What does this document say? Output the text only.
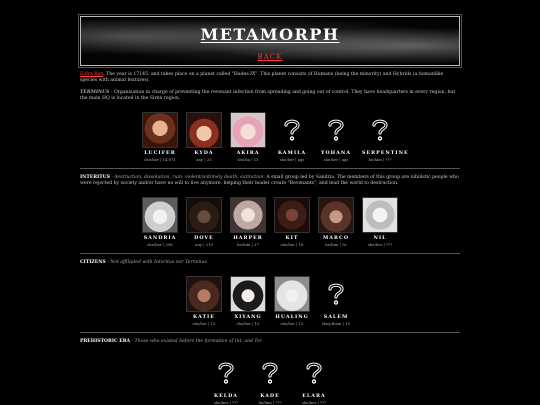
METAMORPH
BACK

Eldra Ren. The year is 17145, and takes place on a planet called "Hades-IX". This planet consists of Humans (being the minority) and Hybrids (a humanlike species with animal features).

TERMINUS - Organization in charge of preventing the revenant infection from spreading and going out of control. They have headquarters in every region, but the main HQ is located in the Siren region.

LUCIFER
she/her | 14,671
KYDA
any | 25
AKIRA
she/ha | 15
KAMILA
she/her | ags
YOHANA
she/her | ags
SERPENTINE
he/him | ???

INTERITUS - destruction, dissolution, ruin: violent/untimely death, extinction. A small group led by Sandria. The members of this group are nihilistic people who were rejected by society and/or have no will to live anymore, helping their leader create "Revenants", and lead the world to destruction.

SANDRIA
she/her | 296
DOVE
any | 210
HARPER
he/him | 27
KIT
she/her | 16
MARCO
he/him | 9c
NIL
she/her | ???

CITIZENS - Not affiliated with Interitus nor Terminus

KATIE
she/her | 15
XIYANG
she/her | 15
HUALING
she/her | 15
SALEM
they/them | 15

PREHISTORIC ERA - Those who existed before the formation of Int. and Ter.

KELDA
she/her | ???
KADE
he/him | ???
ELARA
she/her | ???
